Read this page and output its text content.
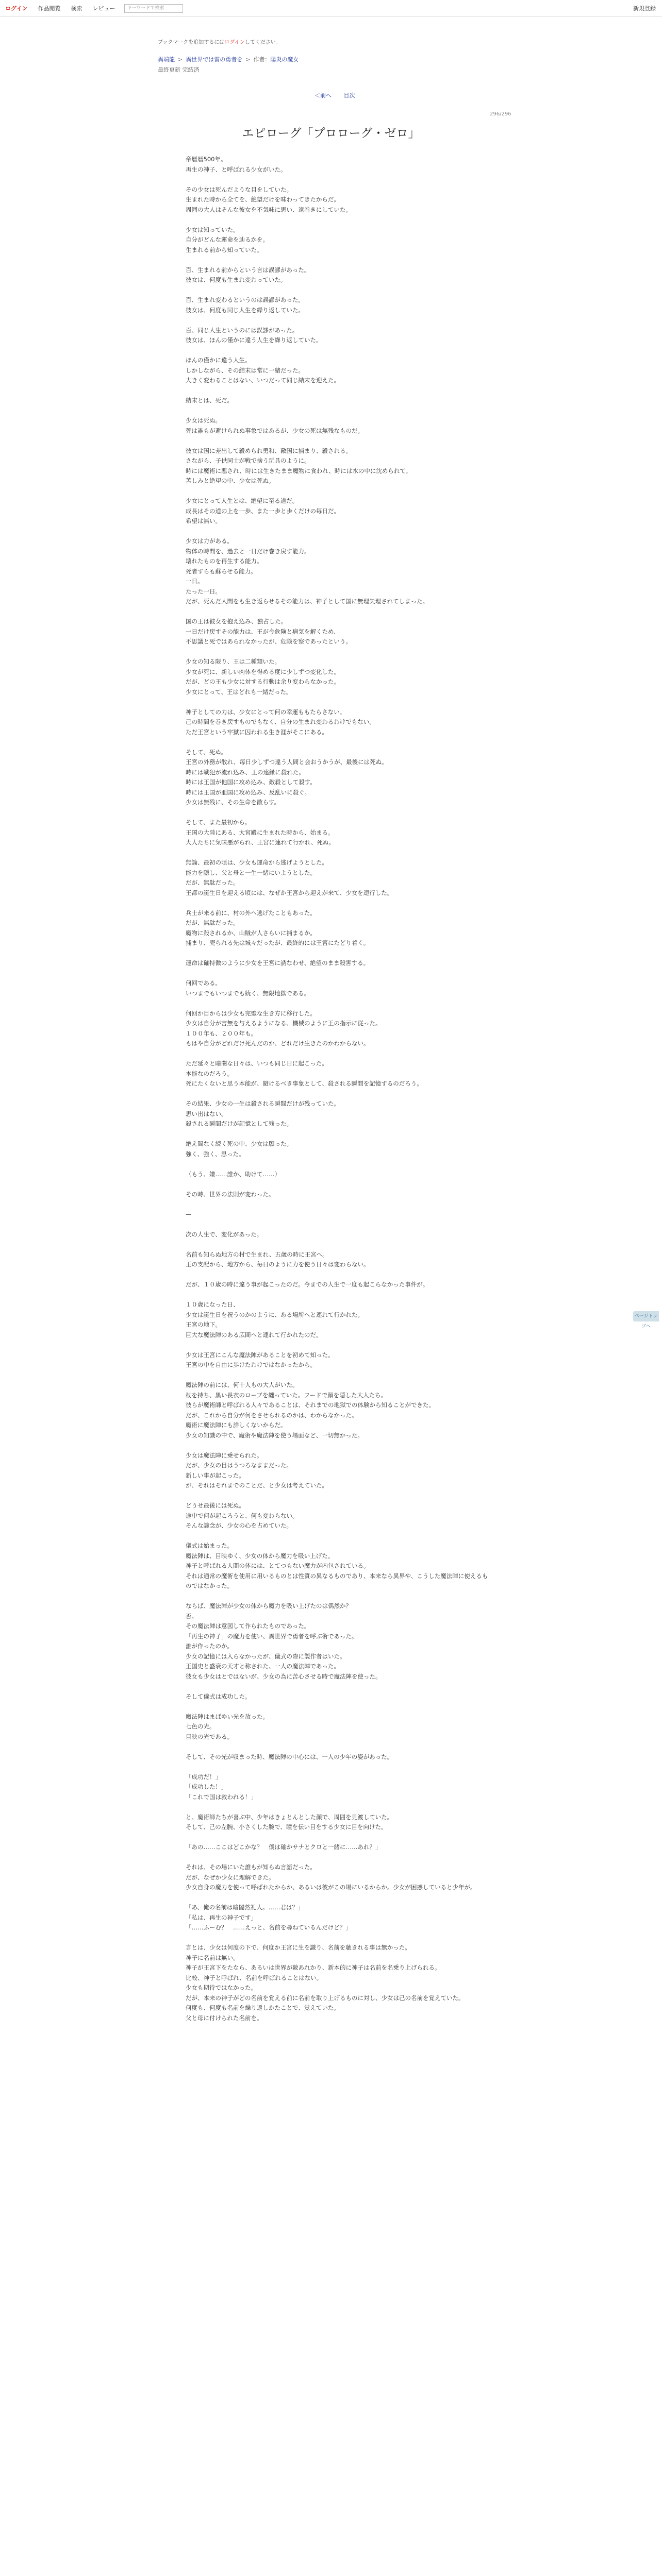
ログイン 作品閲覧 検索 レビュー	キーワードで検索	新規登録
ブックマークを追加するにはログインしてください。
異端龍 > 異世界では雷の勇者を > 作者：陽炎の魔女
最終更新 完結済
＜前へ 目次
296/296
エピローグ「プロローグ・ゼロ」

帝暦暦500年。

再生の神子、と呼ばれる少女がいた。

その少女は死んだような目をしていた。

生まれた時から全てを、絶望だけを味わってきたからだ。

周囲の大人はそんな彼女を不気味に思い、遠巻きにしていた。

少女は知っていた。

自分がどんな運命を辿るかを。

生まれる前から知っていた。

百、生まれる前からという言は誤謬があった。

彼女は、何度も生まれ変わっていた。

百、生まれ変わるというのは誤謬があった。

彼女は、何度も同じ人生を繰り返していた。

百、同じ人生というのには誤謬があった。

彼女は、ほんの僅かに違う人生を繰り返していた。

ほんの僅かに違う人生。

しかしながら、その結末は常に一緒だった。

大きく変わることはない、いつだって同じ結末を迎えた。

結末とは、死だ。

少女は死ぬ。

死は誰もが避けられぬ事象ではあるが、少女の死は無残なものだ。

彼女は国に差出して殺められ勇和、敵国に捕まり、殺される。

さながら、子供同士が戦で捨う玩具のように。

時には魔術に悪され、時には生きたまま魔物に食われ、時には水の中に沈められて。

苦しみと絶望の中、少女は死ぬ。

少女にとって人生とは、絶望に至る道だ。

成長はその道の上を一歩、また一歩と歩くだけの毎日だ。

希望は無い。

少女は力がある。

物体の時間を、過去と一日だけ巻き戻す能力。

壊れたものを再生する能力。

死者すらも蘇らせる能力。

一日。

たった一日。

だが、死んだ人間をも生き返らせるその能力は、神子として国に無理矢理されてしまった。

国の王は彼女を抱え込み、独占した。

一日だけ戻すその能力は、王が今危険と病気を解くため、

不思議と死ではあられなかったが、危険を察であったという。

少女の知る限り、王は二種類いた。

少女が死に、新しい肉体を得める度に少しずつ変化した。

だが、どの王も少女に対する行動は余り変わらなかった。

少女にとって、王はどれも一緒だった。

神子としての力は、少女にとって何の幸運ももたらさない。

己の時間を巻き戻すものでもなく、自分の生まれ変わるわけでもない。

ただ王宮という牢獄に囚われる生き涯がそこにある。

そして、死ぬ。

王宮の外務が散れ、毎日少しずつ違う人間と会おうかうが、最後には死ぬ。

時には戦犯が流れ込み、王の遠縁に殺れた。

時には王国が他国に攻め込み、敵殺として殺す。

時には王国が亜国に攻め込み、反乱いに殺ぐ。

少女は無残に、その生命を散らす。

そして、また最初から。

王国の大陸にある、大宮殿に生まれた時から、始まる。

大人たちに気味悪がられ、王宮に連れて行かれ、死ぬ。

無論、最初の頃は、少女も運命から逃げようとした。

能力を隠し、父と母と一生一緒にいようとした。

だが、無駄だった。

王都の誕生日を迎える頃には、なぜか王宮から迎えが来て、少女を連行した。

兵士が来る前に、村の外へ逃げたこともあった。

だが、無駄だった。

魔物に殺されるか、山賊が人さらいに捕まるか。

捕まり、売られる先は城々だったが、最終的には王宮にたどり着く。

運命は確特徴のように少女を王宮に誘なわせ、絶望のまま殺害する。

何回である。

いつまでもいつまでも続く、無限地獄である。

何回か目からは少女も完璧な生き方に移行した。

少女は自分が言無を与えるようになる、機械のように王の指示に従った。

１００年も、２００年も。

もはや自分がどれだけ死んだのか、どれだけ生きたのかわからない。

ただ延々と暗闇な日々は、いつも同じ日に起こった。

本能なのだろう。

死にたくないと思う本能が、避けるべき事象として、殺される瞬間を記憶するのだろう。

その結果、少女の一生は殺される瞬間だけが残っていた。

思い出はない。

殺される瞬間だけが記憶として残った。

絶え間なく続く死の中、少女は願った。

強く、強く、思った。

（もう、嫌……誰か、助けて……）

その時、世界の法則が変わった。

—

次の人生で、変化があった。

名前も知らぬ地方の村で生まれ、五歳の時に王宮へ。

王の支配から、地方から、毎日のように力を使う日々は変わらない。

だが、１０歳の時に違う事が起こったのだ。今までの人生で一度も起こらなかった事件が。

１０歳になった日、

少女は誕生日を祝うのかのように、ある場所へと連れて行かれた。

王宮の地下。

巨大な魔法陣のある広間へと連れて行かれたのだ。

少女は王宮にこんな魔法陣があることを初めて知った。

王宮の中を自由に歩けたわけではなかったから。

魔法陣の前には、何十人もの大人がいた。

杖を持ち、黒い長衣のローブを纏っていた。フードで顔を隠した大人たち。

彼らが魔術師と呼ばれる人々であることは、それまでの地獄での体験から知ることができた。

だが、これから自分が何をさせられるのかは、わからなかった。

魔術に魔法陣にも詳しくないからだ。

少女の知識の中で、魔術や魔法陣を使う場面など、一切無かった。

少女は魔法陣に乗せられた。

だが、少女の目はうつろなままだった。

新しい事が起こった。

が、それはそれまでのことだ、と少女は考えていた。

どうせ最後には死ぬ。

途中で何が起ころうと、何も変わらない。

そんな諦念が、少女の心を占めていた。

儀式は始まった。

魔法陣は、目映ゆく、少女の体から魔力を吸い上げた。

神子と呼ばれる人間の体には、とてつもない魔力が内包されている。

それは通常の魔術を使用に用いるものとは性質の異なるものであり、本来なら異界や、こうした魔法陣に使えるものではなかった。

ならば、魔法陣が少女の体から魔力を吸い上げたのは偶然か？

否。

その魔法陣は意図して作られたものであった。

「再生の神子」の魔力を使い、異世界で勇者を呼ぶ術であった。

誰が作ったのか。

少女の記憶には入らなかったが、儀式の際に製作者はいた。

王国史と盛衰の天才と称された、一人の魔法陣であった。

彼女も少女はとではないが、少女の為に苦心させる時で魔法陣を使った。

そして儀式は成功した。

魔法陣はまばゆい光を放った。

七色の光。

目映の光である。

そして、その光が収まった時、魔法陣の中心には、一人の少年の姿があった。

「成功だ！」

「成功した！」

「これで国は救われる！」

と、魔術師たちが喜ぶ中、少年はきょとんとした顔で、周囲を見渡していた。

そして、己の左腕、小さくした腕で、瞳を伝い目をする少女に目を向けた。

「あの……ここはどこかな？　僕は確かサナとクロと一緒に……あれ？」

それは、その場にいた誰もが知らぬ言語だった。

だが、なぜか少女に理解できた。

少女自身の魔力を使って呼ばれたからか、あるいは彼がこの場にいるからか。少女が困惑していると少年が。

「あ、俺の名前は暗闇然礼人。……君は？」

「私は、再生の神子です」

「……ふーむ？　……えっと、名前を尋ねているんだけど？」

言とは、少女は何度の下で、何度か王宮に生を識り、名前を聴きれる事は無かった。

神子に名前は無い。

神子が王宮下をたなら、あるいは世界が敵あれかり、新本的に神子は名前を名乗り上げられる。

比較、神子と呼ばれ、名前を呼ばれることはない。

少女も期待ではなかった。

だが、本来の神子がどの名前を覚える前に名前を取り上げるものに対し、少女は己の名前を覚えていた。

何度も、何度も名前を繰り返しかたことで、覚えていた。

父と母に付けられた名前を。

ページトップへ
